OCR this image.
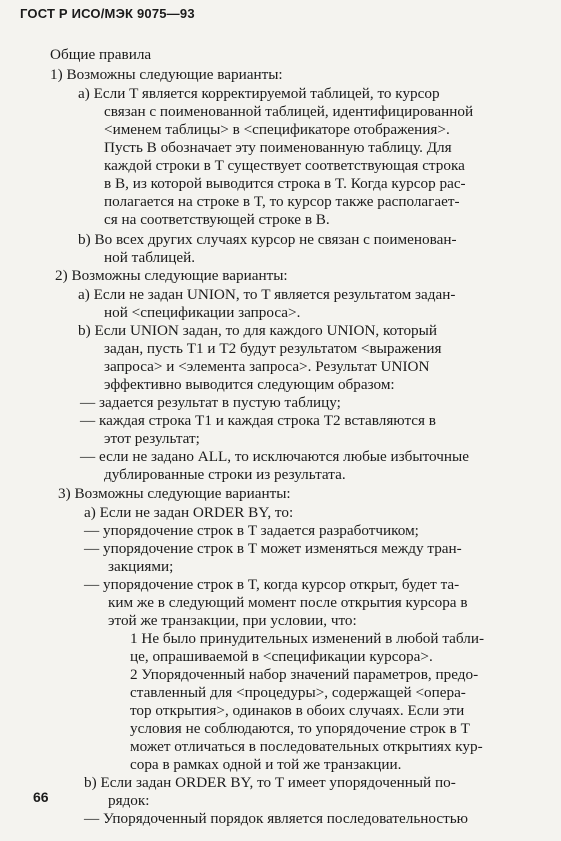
ГОСТ Р ИСО/МЭК 9075—93
Общие правила
1) Возможны следующие варианты:
а) Если T является корректируемой таблицей, то курсор
связан с поименованной таблицей, идентифицированной
<именем таблицы> в <спецификаторе отображения>.
Пусть B обозначает эту поименованную таблицу. Для
каждой строки в T существует соответствующая строка
в B, из которой выводится строка в T. Когда курсор рас-
полагается на строке в T, то курсор также располагает-
ся на соответствующей строке в B.
b) Во всех других случаях курсор не связан с поименован-
ной таблицей.
2) Возможны следующие варианты:
а) Если не задан UNION, то T является результатом задан-
ной <спецификации запроса>.
b) Если UNION задан, то для каждого UNION, который
задан, пусть T1 и T2 будут результатом <выражения
запроса> и <элемента запроса>. Результат UNION
эффективно выводится следующим образом:
— задается результат в пустую таблицу;
— каждая строка T1 и каждая строка T2 вставляются в
этот результат;
— если не задано ALL, то исключаются любые избыточные
дублированные строки из результата.
3) Возможны следующие варианты:
а) Если не задан ORDER BY, то:
— упорядочение строк в T задается разработчиком;
— упорядочение строк в T может изменяться между тран-
закциями;
— упорядочение строк в T, когда курсор открыт, будет та-
ким же в следующий момент после открытия курсора в
этой же транзакции, при условии, что:
1 Не было принудительных изменений в любой табли-
це, опрашиваемой в <спецификации курсора>.
2 Упорядоченный набор значений параметров, предо-
ставленный для <процедуры>, содержащей <опера-
тор открытия>, одинаков в обоих случаях. Если эти
условия не соблюдаются, то упорядочение строк в T
может отличаться в последовательных открытиях кур-
сора в рамках одной и той же транзакции.
b) Если задан ORDER BY, то T имеет упорядоченный по-
рядок:
— Упорядоченный порядок является последовательностью
66
